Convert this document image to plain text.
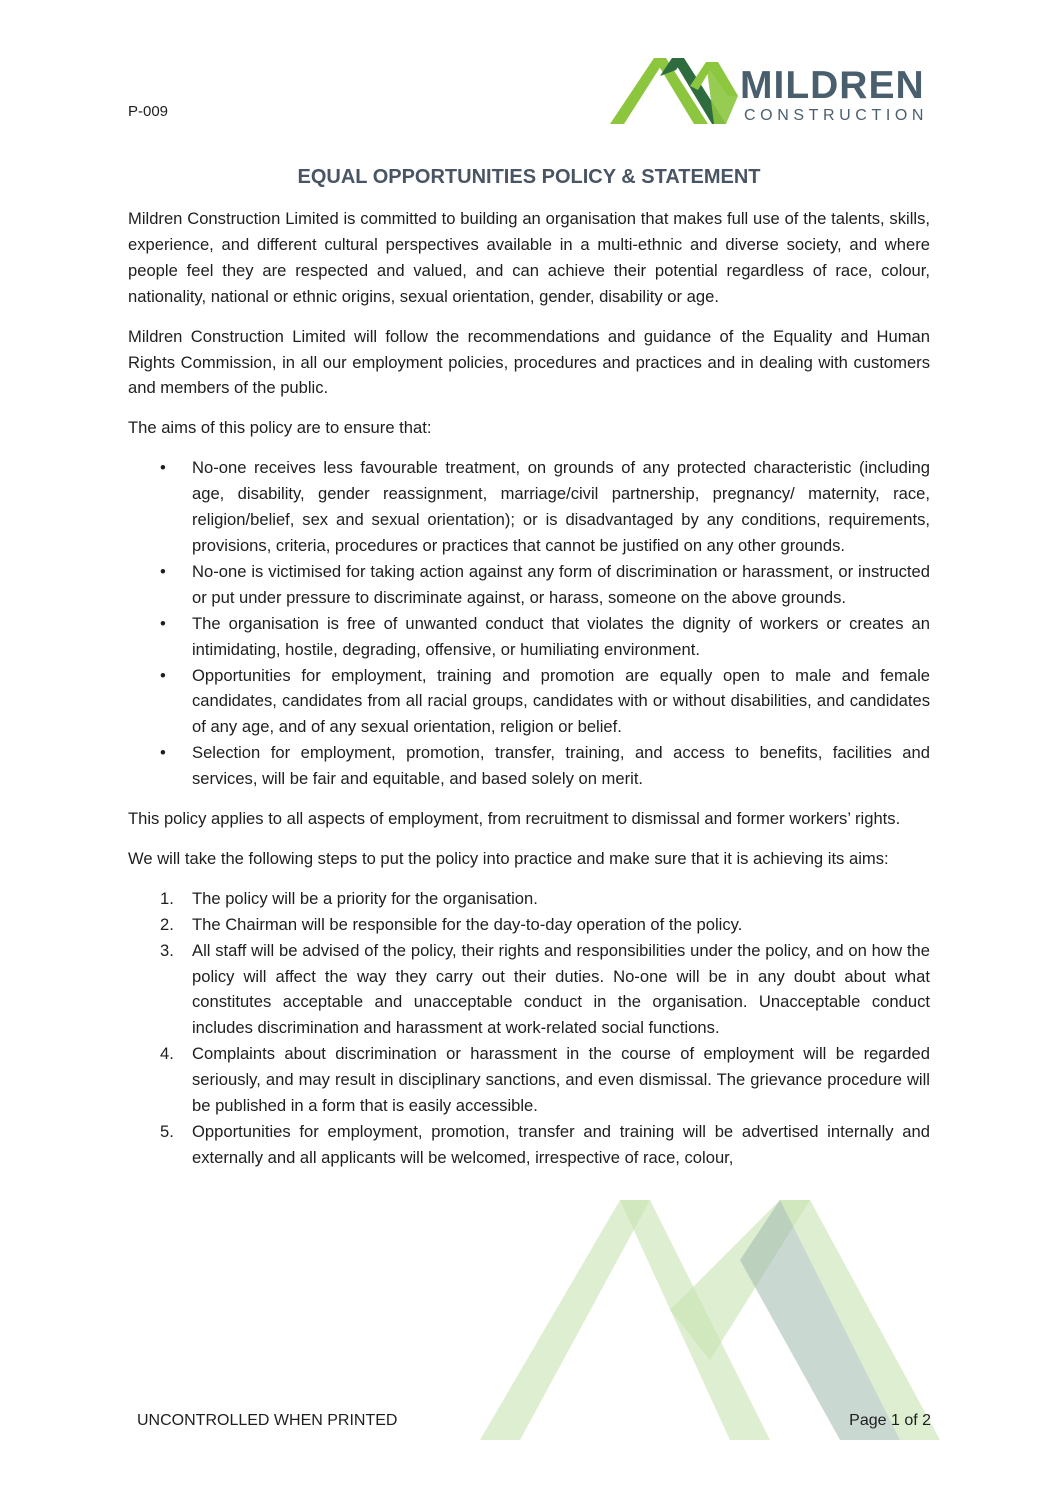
P-009
MILDREN
CONSTRUCTION
EQUAL OPPORTUNITIES POLICY & STATEMENT

Mildren Construction Limited is committed to building an organisation that makes full use of the talents, skills, experience, and different cultural perspectives available in a multi-ethnic and diverse society, and where people feel they are respected and valued, and can achieve their potential regardless of race, colour, nationality, national or ethnic origins, sexual orientation, gender, disability or age.

Mildren Construction Limited will follow the recommendations and guidance of the Equality and Human Rights Commission, in all our employment policies, procedures and practices and in dealing with customers and members of the public.

The aims of this policy are to ensure that:

• No-one receives less favourable treatment, on grounds of any protected characteristic (including age, disability, gender reassignment, marriage/civil partnership, pregnancy/ maternity, race, religion/belief, sex and sexual orientation); or is disadvantaged by any conditions, requirements, provisions, criteria, procedures or practices that cannot be justified on any other grounds.
• No-one is victimised for taking action against any form of discrimination or harassment, or instructed or put under pressure to discriminate against, or harass, someone on the above grounds.
• The organisation is free of unwanted conduct that violates the dignity of workers or creates an intimidating, hostile, degrading, offensive, or humiliating environment.
• Opportunities for employment, training and promotion are equally open to male and female candidates, candidates from all racial groups, candidates with or without disabilities, and candidates of any age, and of any sexual orientation, religion or belief.
• Selection for employment, promotion, transfer, training, and access to benefits, facilities and services, will be fair and equitable, and based solely on merit.

This policy applies to all aspects of employment, from recruitment to dismissal and former workers’ rights.

We will take the following steps to put the policy into practice and make sure that it is achieving its aims:

1. The policy will be a priority for the organisation.
2. The Chairman will be responsible for the day-to-day operation of the policy.
3. All staff will be advised of the policy, their rights and responsibilities under the policy, and on how the policy will affect the way they carry out their duties. No-one will be in any doubt about what constitutes acceptable and unacceptable conduct in the organisation. Unacceptable conduct includes discrimination and harassment at work-related social functions.
4. Complaints about discrimination or harassment in the course of employment will be regarded seriously, and may result in disciplinary sanctions, and even dismissal. The grievance procedure will be published in a form that is easily accessible.
5. Opportunities for employment, promotion, transfer and training will be advertised internally and externally and all applicants will be welcomed, irrespective of race, colour,
UNCONTROLLED WHEN PRINTED	Page 1 of 2
